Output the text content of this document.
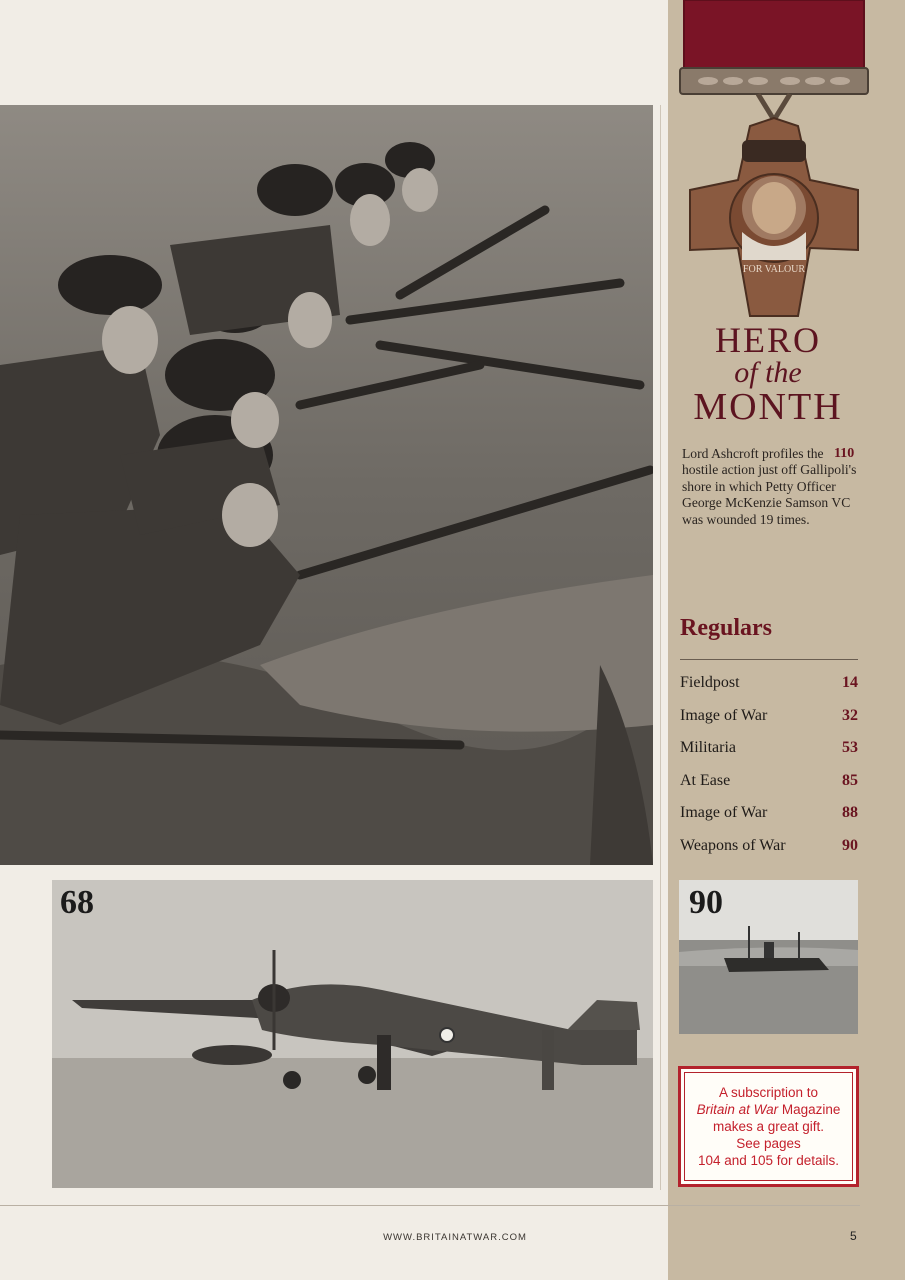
68	90
FOR VALOUR
HERO
of the
MONTH
Lord Ashcroft profiles the hostile action just off Gallipoli's shore in which Petty Officer George McKenzie Samson VC was wounded 19 times.
110
Regulars
Fieldpost	14
Image of War	32
Militaria	53
At Ease	85
Image of War	88
Weapons of War	90
A subscription to
Britain at War Magazine
makes a great gift.
See pages
104 and 105 for details.
WWW.BRITAINATWAR.COM	5
